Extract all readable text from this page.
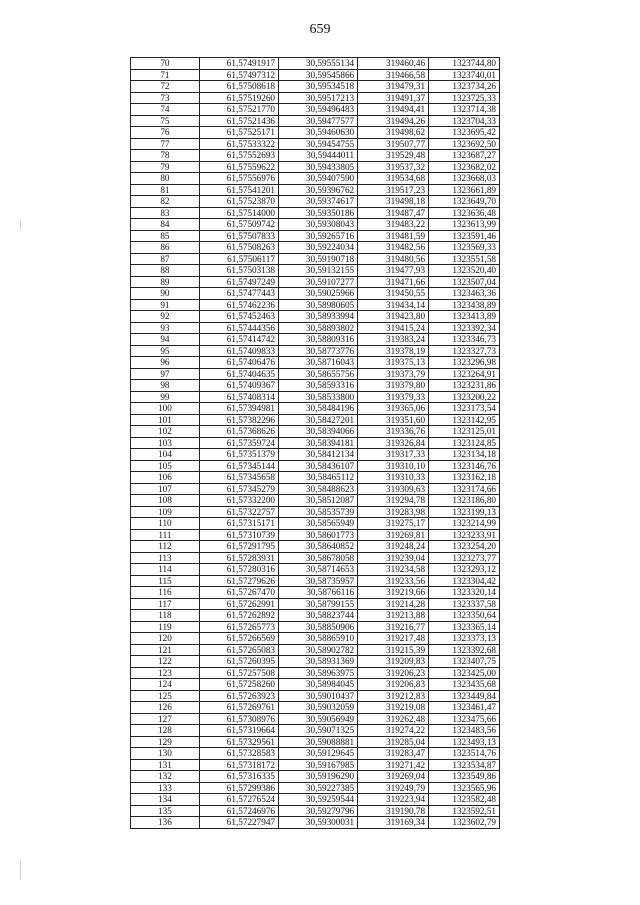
659
70	61,57491917	30,59555134	319460,46	1323744,80
71	61,57497312	30,59545866	319466,58	1323740,01
72	61,57508618	30,59534518	319479,31	1323734,26
73	61,57519260	30,59517213	319491,37	1323725,33
74	61,57521770	30,59496483	319494,41	1323714,38
75	61,57521436	30,59477577	319494,26	1323704,33
76	61,57525171	30,59460630	319498,62	1323695,42
77	61,57533322	30,59454755	319507,77	1323692,50
78	61,57552693	30,59444011	319529,48	1323687,27
79	61,57559622	30,59433805	319537,32	1323682,02
80	61,57556976	30,59407590	319534,68	1323668,03
81	61,57541201	30,59396762	319517,23	1323661,89
82	61,57523870	30,59374617	319498,18	1323649,70
83	61,57514000	30,59350186	319487,47	1323636,48
84	61,57509742	30,59308043	319483,22	1323613,99
85	61,57507833	30,59265716	319481,59	1323591,46
86	61,57508263	30,59224034	319482,56	1323569,33
87	61,57506117	30,59190718	319480,56	1323551,58
88	61,57503138	30,59132155	319477,93	1323520,40
89	61,57497249	30,59107277	319471,66	1323507,04
90	61,57477443	30,59025966	319450,55	1323463,36
91	61,57462236	30,58980605	319434,14	1323438,89
92	61,57452463	30,58933994	319423,80	1323413,89
93	61,57444356	30,58893802	319415,24	1323392,34
94	61,57414742	30,58809316	319383,24	1323346,73
95	61,57409833	30,58773776	319378,19	1323327,73
96	61,57406476	30,58716043	319375,13	1323296,98
97	61,57404635	30,58655756	319373,79	1323264,91
98	61,57409367	30,58593316	319379,80	1323231,86
99	61,57408314	30,58533800	319379,33	1323200,22
100	61,57394981	30,58484196	319365,06	1323173,54
101	61,57382296	30,58427201	319351,60	1323142,95
102	61,57368626	30,58394066	319336,76	1323125,01
103	61,57359724	30,58394181	319326,84	1323124,85
104	61,57351379	30,58412134	319317,33	1323134,18
105	61,57345144	30,58436107	319310,10	1323146,76
106	61,57345658	30,58465112	319310,33	1323162,18
107	61,57345279	30,58488623	319309,63	1323174,66
108	61,57332200	30,58512087	319294,78	1323186,80
109	61,57322757	30,58535739	319283,98	1323199,13
110	61,57315171	30,58565949	319275,17	1323214,99
111	61,57310739	30,58601773	319269,81	1323233,91
112	61,57291795	30,58640852	319248,24	1323254,20
113	61,57283931	30,58678058	319239,04	1323273,77
114	61,57280316	30,58714653	319234,58	1323293,12
115	61,57279626	30,58735957	319233,56	1323304,42
116	61,57267470	30,58766116	319219,66	1323320,14
117	61,57262991	30,58799155	319214,28	1323337,58
118	61,57262892	30,58823744	319213,88	1323350,64
119	61,57265773	30,58850906	319216,77	1323365,14
120	61,57266569	30,58865910	319217,48	1323373,13
121	61,57265083	30,58902782	319215,39	1323392,68
122	61,57260395	30,58931369	319209,83	1323407,75
123	61,57257508	30,58963975	319206,23	1323425,00
124	61,57258260	30,58984045	319206,83	1323435,68
125	61,57263923	30,59010437	319212,83	1323449,84
126	61,57269761	30,59032059	319219,08	1323461,47
127	61,57308976	30,59056949	319262,48	1323475,66
128	61,57319664	30,59071325	319274,22	1323483,56
129	61,57329561	30,59088881	319285,04	1323493,13
130	61,57328583	30,59129645	319283,47	1323514,76
131	61,57318172	30,59167985	319271,42	1323534,87
132	61,57316335	30,59196290	319269,04	1323549,86
133	61,57299386	30,59227385	319249,79	1323565,96
134	61,57276524	30,59259544	319223,94	1323582,48
135	61,57246976	30,59279796	319190,78	1323592,51
136	61,57227947	30,59300031	319169,34	1323602,79
